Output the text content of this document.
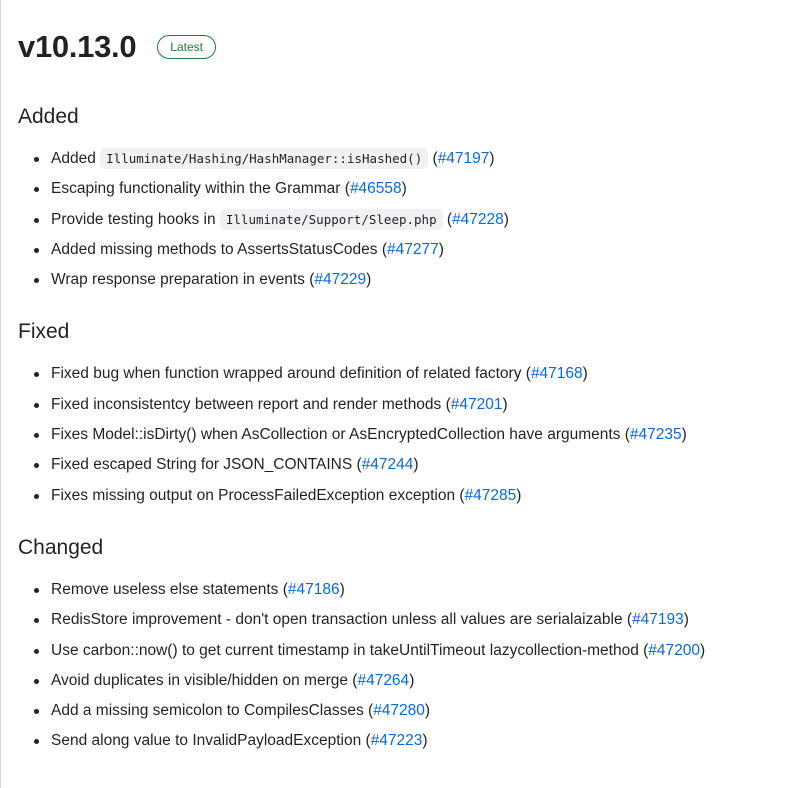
v10.13.0	Latest
Added
Added Illuminate/Hashing/HashManager::isHashed() (#47197)
Escaping functionality within the Grammar (#46558)
Provide testing hooks in Illuminate/Support/Sleep.php (#47228)
Added missing methods to AssertsStatusCodes (#47277)
Wrap response preparation in events (#47229)
Fixed
Fixed bug when function wrapped around definition of related factory (#47168)
Fixed inconsistentcy between report and render methods (#47201)
Fixes Model::isDirty() when AsCollection or AsEncryptedCollection have arguments (#47235)
Fixed escaped String for JSON_CONTAINS (#47244)
Fixes missing output on ProcessFailedException exception (#47285)
Changed
Remove useless else statements (#47186)
RedisStore improvement - don't open transaction unless all values are serialaizable (#47193)
Use carbon::now() to get current timestamp in takeUntilTimeout lazycollection-method (#47200)
Avoid duplicates in visible/hidden on merge (#47264)
Add a missing semicolon to CompilesClasses (#47280)
Send along value to InvalidPayloadException (#47223)
